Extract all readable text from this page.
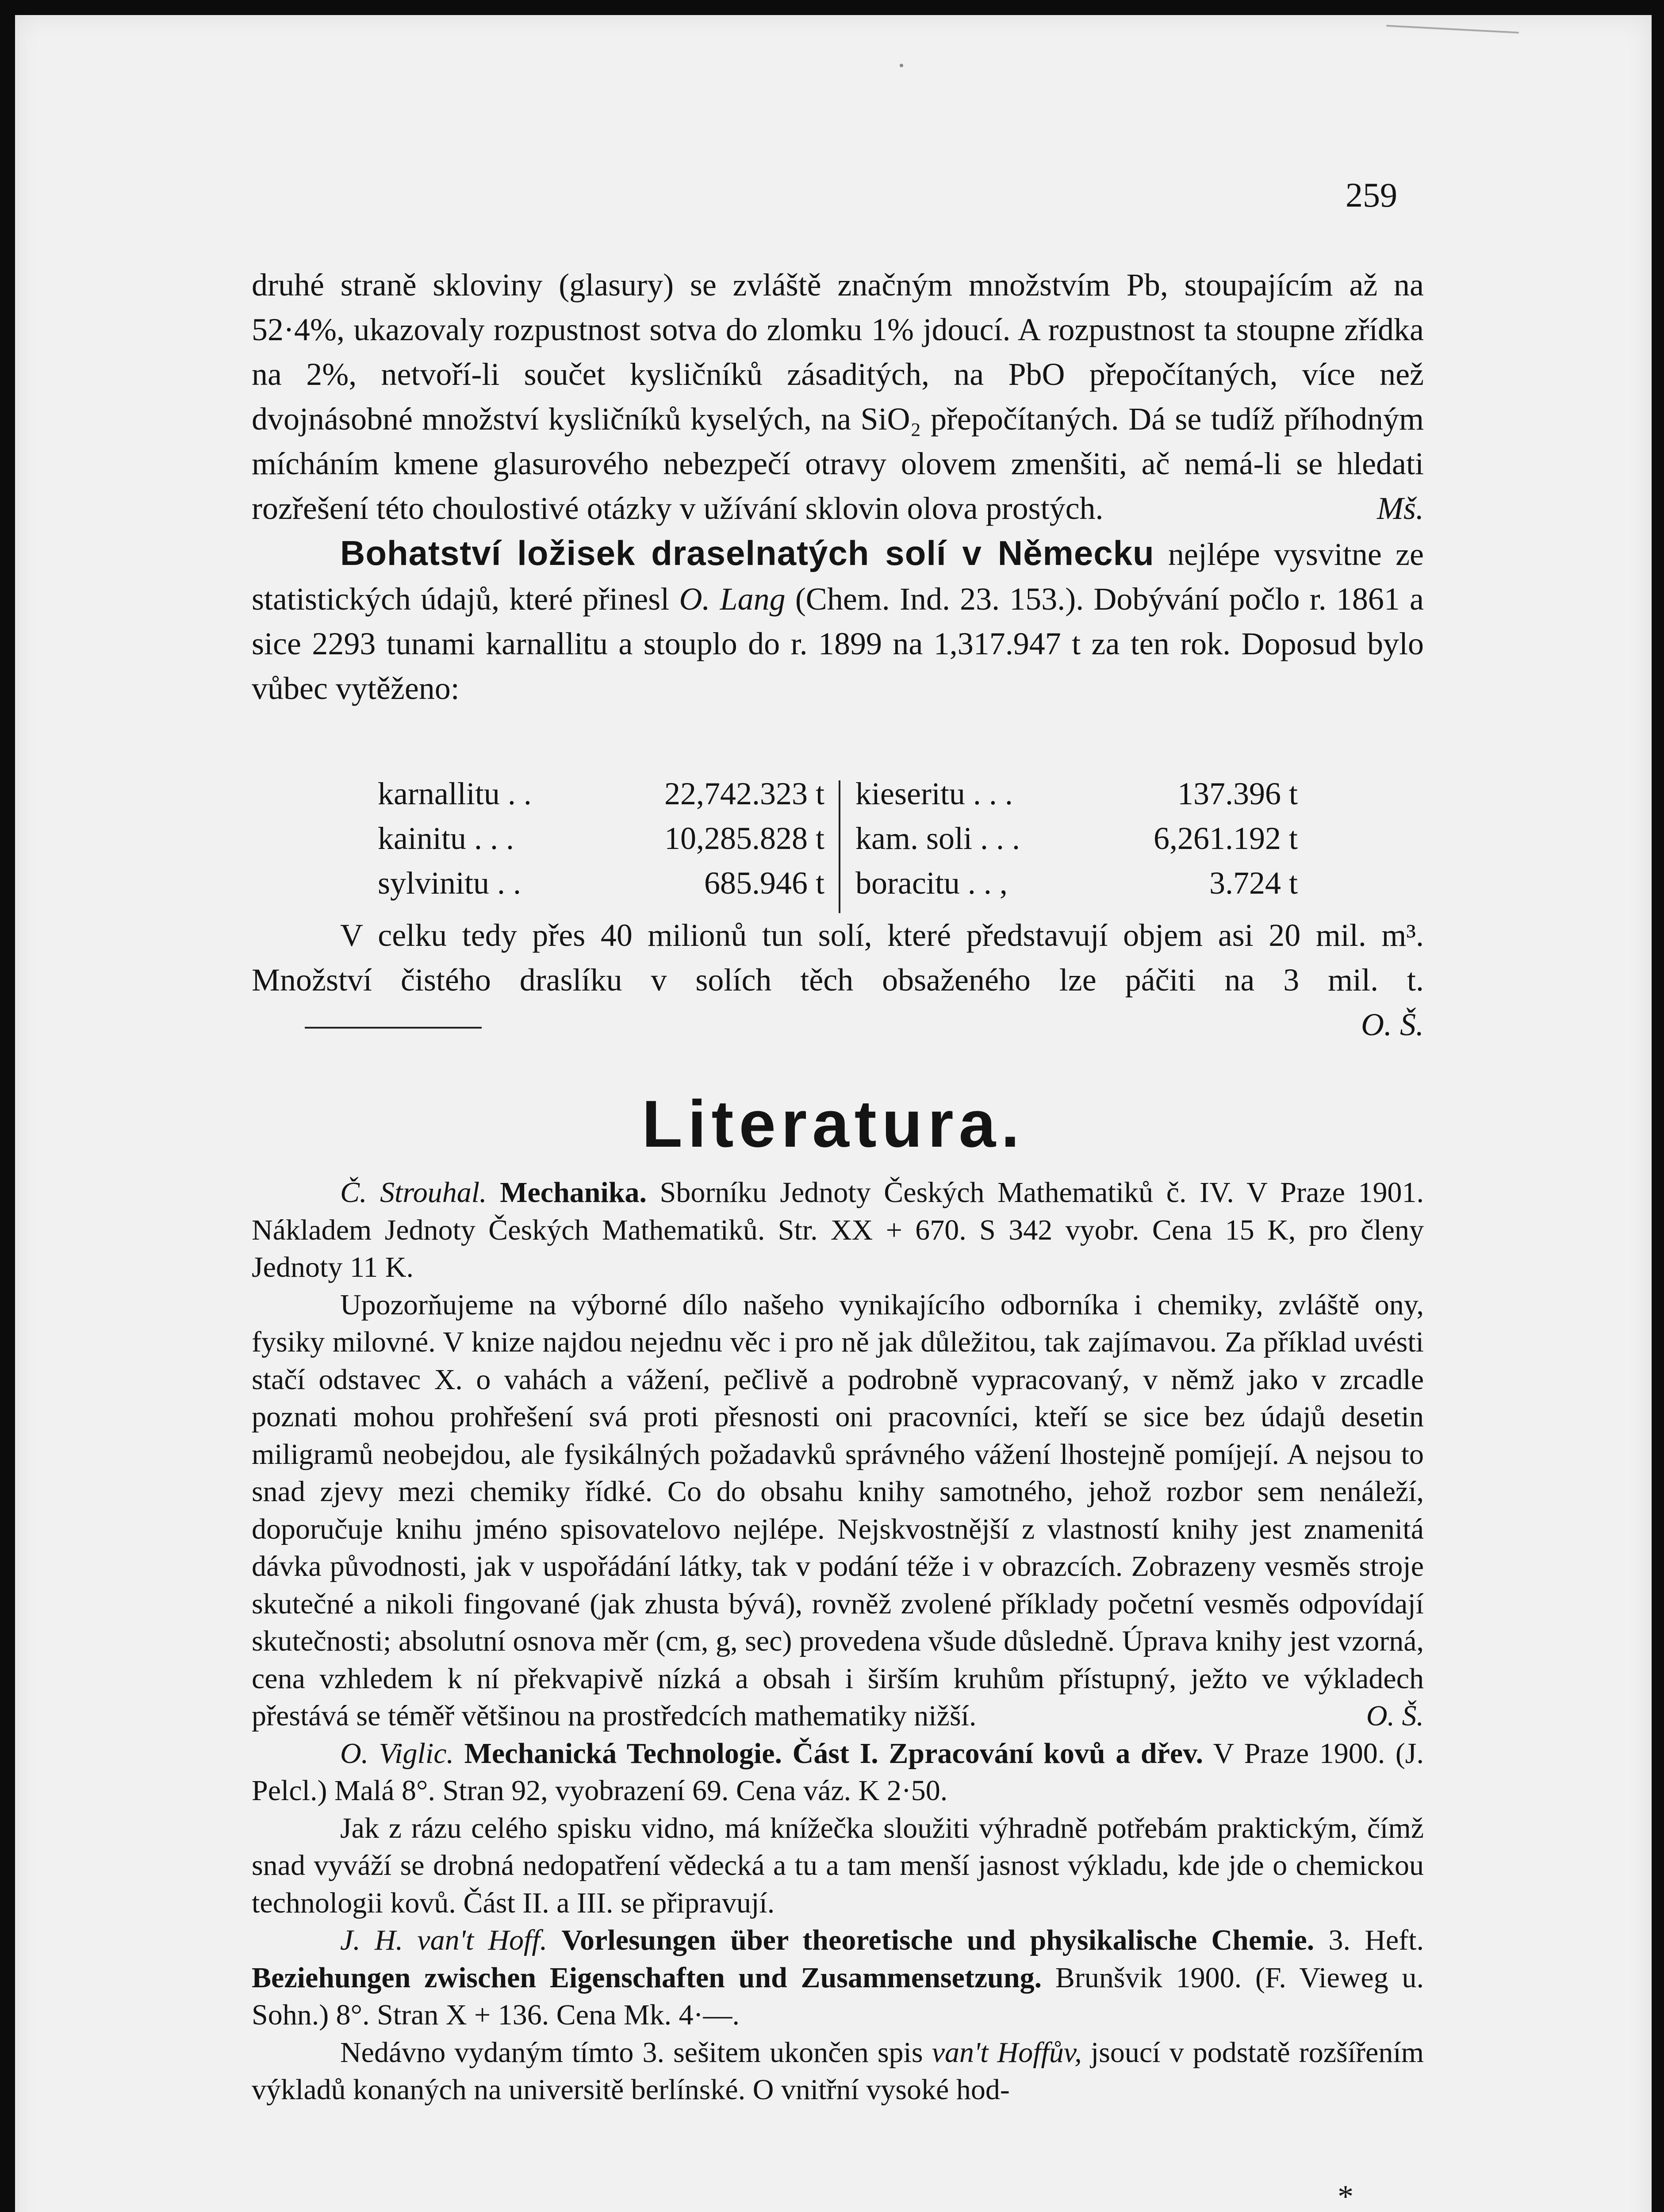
259

druhé straně skloviny (glasury) se zvláště značným množstvím Pb, stoupajícím až na 52·4%, ukazovaly rozpustnost sotva do zlomku 1% jdoucí. A rozpustnost ta stoupne zřídka na 2%, netvoří-li součet kysličníků zásaditých, na PbO přepočítaných, více než dvojnásobné množství kysličníků kyselých, na SiO₂ přepočítaných. Dá se tudíž příhodným mícháním kmene glasurového nebezpečí otravy olovem zmenšiti, ač nemá-li se hledati rozřešení této choulostivé otázky v užívání sklovin olova prostých.	Mš.

Bohatství ložisek draselnatých solí v Německu nejlépe vysvitne ze statistických údajů, které přinesl O. Lang (Chem. Ind. 23. 153.). Dobývání počlo r. 1861 a sice 2293 tunami karnallitu a stouplo do r. 1899 na 1,317.947 t za ten rok. Doposud bylo vůbec vytěženo:

karnallitu . .	22,742.323 t
kainitu . . .	10,285.828 t
sylvinitu . .	685.946 t
kieseritu . . .	137.396 t
kam. soli . . .	6,261.192 t
boracitu . . ,	3.724 t

V celku tedy přes 40 milionů tun solí, které představují objem asi 20 mil. m³. Množství čistého draslíku v solích těch obsaženého lze páčiti na 3 mil. t.
O. Š.

Literatura.

Č. Strouhal. Mechanika. Sborníku Jednoty Českých Mathematiků č. IV. V Praze 1901. Nákladem Jednoty Českých Mathematiků. Str. XX + 670. S 342 vyobr. Cena 15 K, pro členy Jednoty 11 K.

Upozorňujeme na výborné dílo našeho vynikajícího odborníka i chemiky, zvláště ony, fysiky milovné. V knize najdou nejednu věc i pro ně jak důležitou, tak zajímavou. Za příklad uvésti stačí odstavec X. o vahách a vážení, pečlivě a podrobně vypracovaný, v němž jako v zrcadle poznati mohou prohřešení svá proti přesnosti oni pracovníci, kteří se sice bez údajů desetin miligramů neobejdou, ale fysikálných požadavků správného vážení lhostejně pomíjejí. A nejsou to snad zjevy mezi chemiky řídké. Co do obsahu knihy samotného, jehož rozbor sem nenáleží, doporučuje knihu jméno spisovatelovo nejlépe. Nejskvostnější z vlastností knihy jest znamenitá dávka původnosti, jak v uspořádání látky, tak v podání téže i v obrazcích. Zobrazeny vesměs stroje skutečné a nikoli fingované (jak zhusta bývá), rovněž zvolené příklady početní vesměs odpovídají skutečnosti; absolutní osnova měr (cm, g, sec) provedena všude důsledně. Úprava knihy jest vzorná, cena vzhledem k ní překvapivě nízká a obsah i širším kruhům přístupný, ježto ve výkladech přestává se téměř většinou na prostředcích mathematiky nižší.	O. Š.

O. Viglic. Mechanická Technologie. Část I. Zpracování kovů a dřev. V Praze 1900. (J. Pelcl.) Malá 8°. Stran 92, vyobrazení 69. Cena váz. K 2·50.

Jak z rázu celého spisku vidno, má knížečka sloužiti výhradně potřebám praktickým, čímž snad vyváží se drobná nedopatření vědecká a tu a tam menší jasnost výkladu, kde jde o chemickou technologii kovů. Část II. a III. se připravují.

J. H. van't Hoff. Vorlesungen über theoretische und physikalische Chemie. 3. Heft. Beziehungen zwischen Eigenschaften und Zusammensetzung. Brunšvik 1900. (F. Vieweg u. Sohn.) 8°. Stran X + 136. Cena Mk. 4·—.

Nedávno vydaným tímto 3. sešitem ukončen spis van't Hoffův, jsoucí v podstatě rozšířením výkladů konaných na universitě berlínské. O vnitřní vysoké hod-

*
